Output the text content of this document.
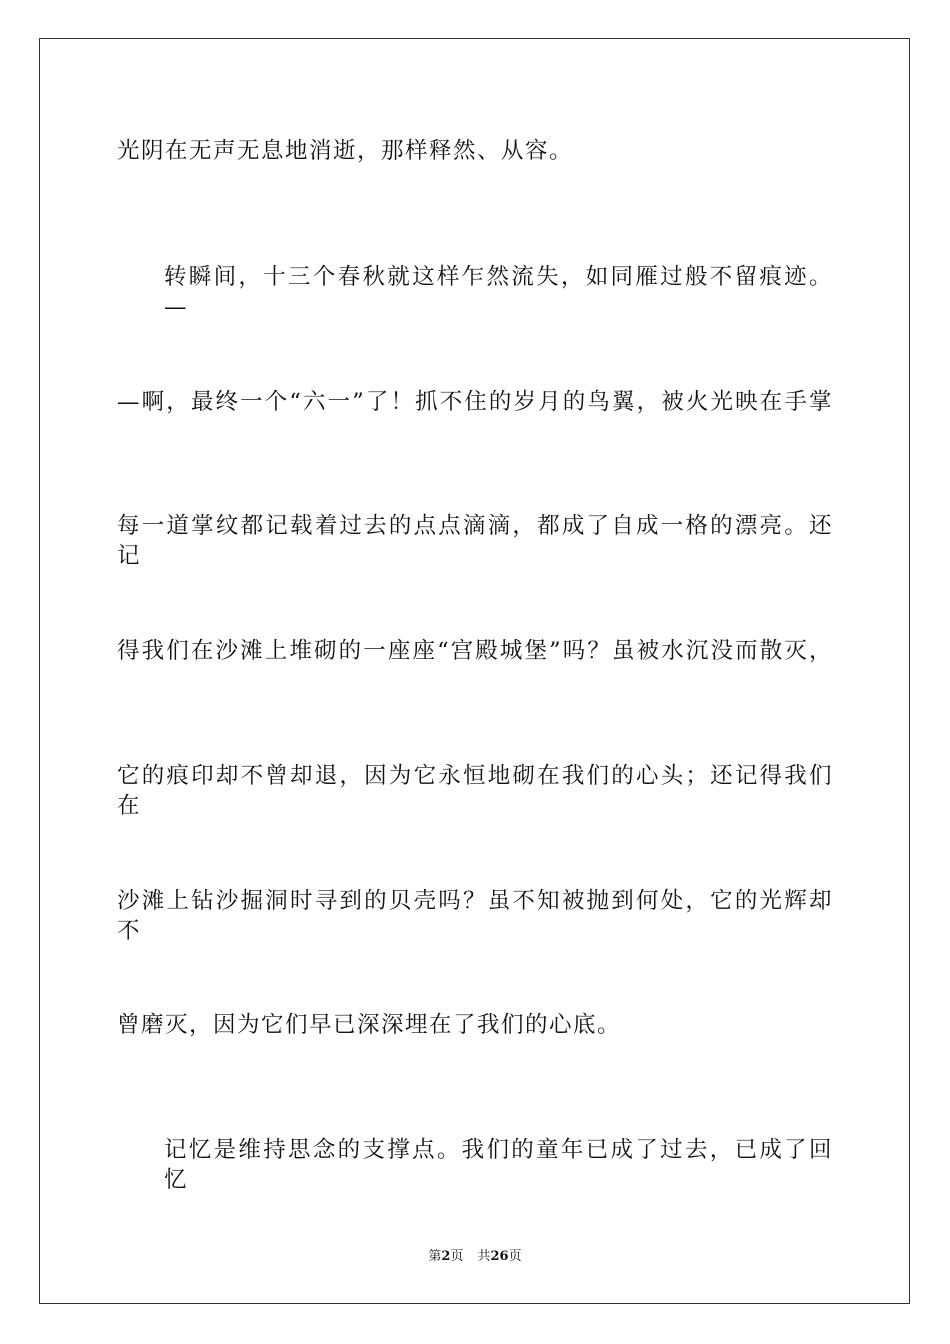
光阴在无声无息地消逝，那样释然、从容。
转瞬间，十三个春秋就这样乍然流失，如同雁过般不留痕迹。—
—啊，最终一个“六一”了！抓不住的岁月的鸟翼，被火光映在手掌
每一道掌纹都记载着过去的点点滴滴，都成了自成一格的漂亮。还记
得我们在沙滩上堆砌的一座座“宫殿城堡”吗？虽被水沉没而散灭，
它的痕印却不曾却退，因为它永恒地砌在我们的心头；还记得我们在
沙滩上钻沙掘洞时寻到的贝壳吗？虽不知被抛到何处，它的光辉却不
曾磨灭，因为它们早已深深埋在了我们的心底。
记忆是维持思念的支撑点。我们的童年已成了过去，已成了回忆
第2页 共26页
